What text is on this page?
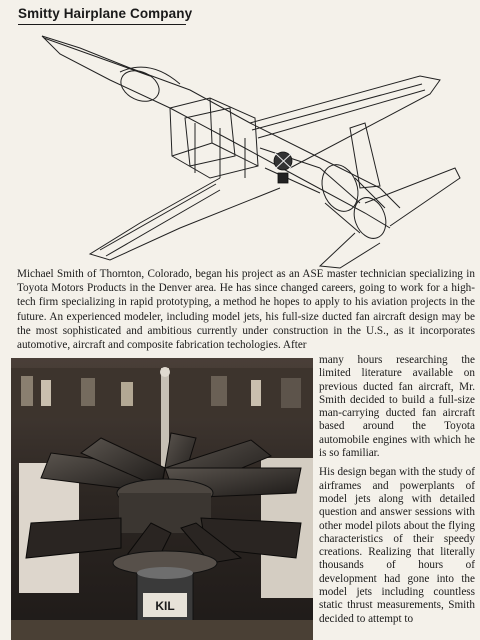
Smitty Hairplane Company

Michael Smith of Thornton, Colorado, began his project as an ASE master technician specializing in Toyota Motors Products in the Denver area. He has since changed careers, going to work for a high-tech firm specializing in rapid prototyping, a method he hopes to apply to his aviation projects in the future. An experienced modeler, including model jets, his full-size ducted fan aircraft design may be the most sophisticated and ambitious currently under construction in the U.S., as it incorporates automotive, aircraft and composite fabrication techologies. After

KIL

many hours researching the limited literature available on previous ducted fan aircraft, Mr. Smith decided to build a full-size man-carrying ducted fan aircraft based around the Toyota automobile engines with which he is so familiar.

His design began with the study of airframes and powerplants of model jets along with detailed question and answer sessions with other model pilots about the flying characteristics of their speedy creations. Realizing that literally thousands of hours of development had gone into the model jets including countless static thrust measurements, Smith decided to attempt to
